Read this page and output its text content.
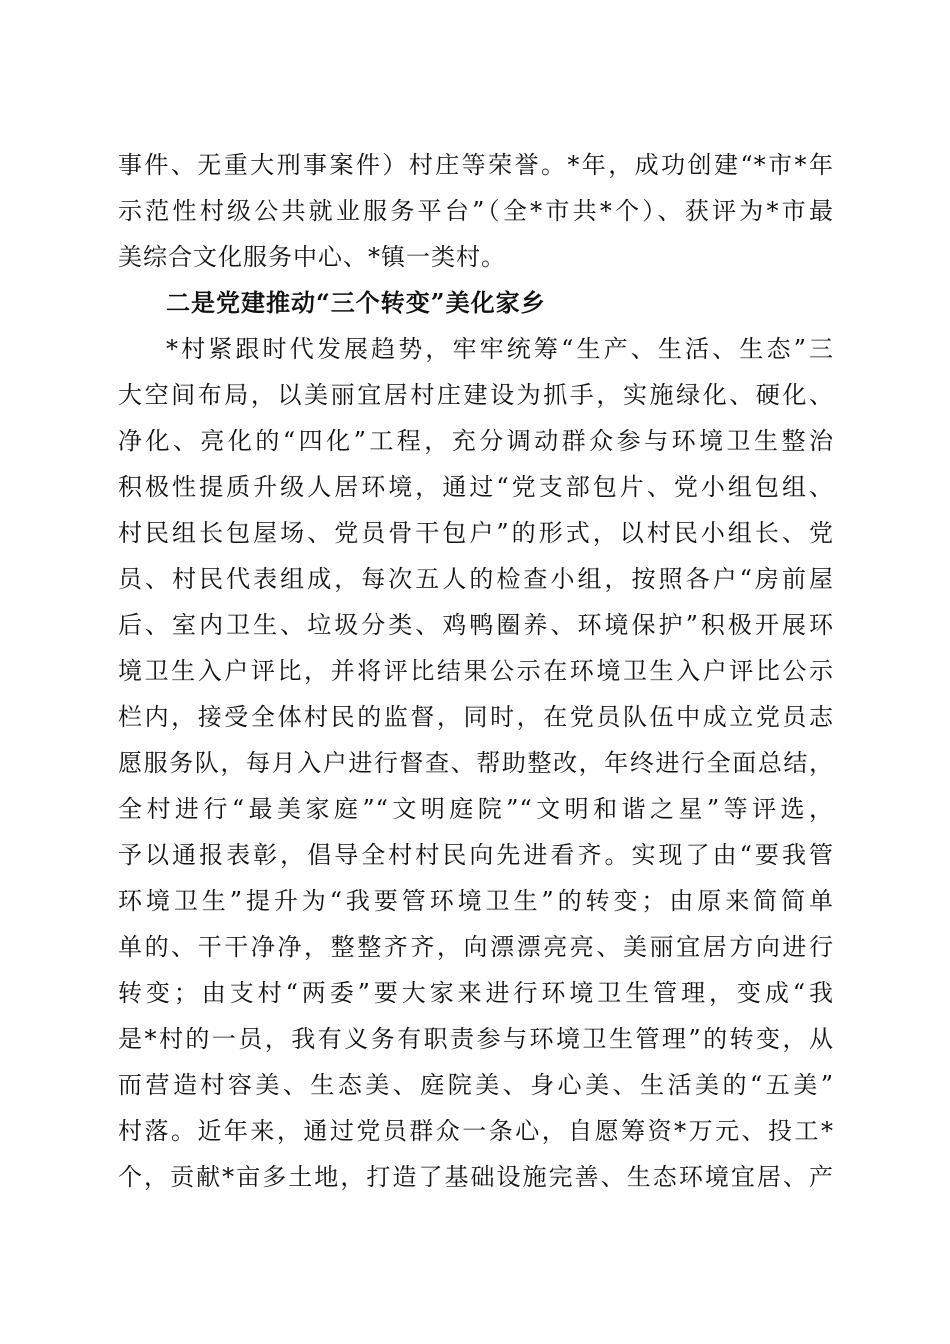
事件、无重大刑事案件）村庄等荣誉。*年，成功创建“*市*年
示范性村级公共就业服务平台”（全*市共*个）、获评为*市最
美综合文化服务中心、*镇一类村。
二是党建推动“三个转变”美化家乡
*村紧跟时代发展趋势，牢牢统筹“生产、生活、生态”三
大空间布局，以美丽宜居村庄建设为抓手，实施绿化、硬化、
净化、亮化的“四化”工程，充分调动群众参与环境卫生整治
积极性提质升级人居环境，通过“党支部包片、党小组包组、
村民组长包屋场、党员骨干包户”的形式，以村民小组长、党
员、村民代表组成，每次五人的检查小组，按照各户“房前屋
后、室内卫生、垃圾分类、鸡鸭圈养、环境保护”积极开展环
境卫生入户评比，并将评比结果公示在环境卫生入户评比公示
栏内，接受全体村民的监督，同时，在党员队伍中成立党员志
愿服务队，每月入户进行督查、帮助整改，年终进行全面总结，
全村进行“最美家庭”“文明庭院”“文明和谐之星”等评选，
予以通报表彰，倡导全村村民向先进看齐。实现了由“要我管
环境卫生”提升为“我要管环境卫生”的转变；由原来简简单
单的、干干净净，整整齐齐，向漂漂亮亮、美丽宜居方向进行
转变；由支村“两委”要大家来进行环境卫生管理，变成“我
是*村的一员，我有义务有职责参与环境卫生管理”的转变，从
而营造村容美、生态美、庭院美、身心美、生活美的“五美”
村落。近年来，通过党员群众一条心，自愿筹资*万元、投工*
个，贡献*亩多土地，打造了基础设施完善、生态环境宜居、产
